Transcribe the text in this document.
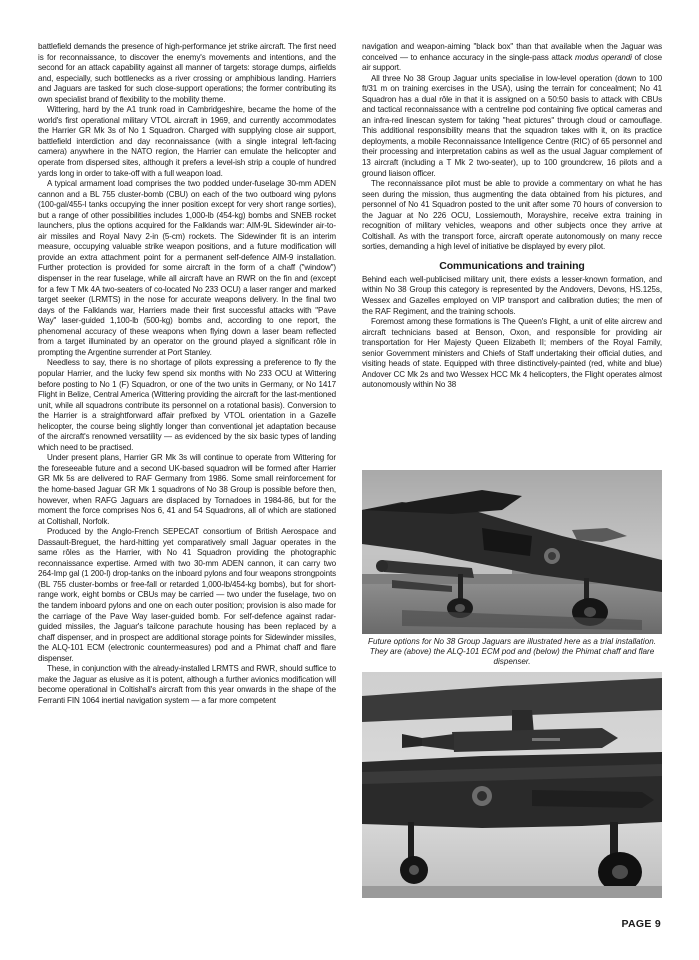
battlefield demands the presence of high-performance jet strike aircraft. The first need is for reconnaissance, to discover the enemy's movements and intentions, and the second for an attack capability against all manner of targets: storage dumps, airfields and, especially, such bottlenecks as a river crossing or amphibious landing. Harriers and Jaguars are tasked for such close-support operations; the former contributing its own specialist brand of flexibility to the mobility theme.

Wittering, hard by the A1 trunk road in Cambridgeshire, became the home of the world's first operational military VTOL aircraft in 1969, and currently accommodates the Harrier GR Mk 3s of No 1 Squadron. Charged with supplying close air support, battlefield interdiction and day reconnaissance (with a single integral left-facing camera) anywhere in the NATO region, the Harrier can emulate the helicopter and operate from dispersed sites, although it prefers a level-ish strip a couple of hundred yards long in order to take-off with a full weapon load.

A typical armament load comprises the two podded under-fuselage 30-mm ADEN cannon and a BL 755 cluster-bomb (CBU) on each of the two outboard wing pylons (100-gal/455-l tanks occupying the inner position except for very short range sorties), but a range of other possibilities includes 1,000-lb (454-kg) bombs and SNEB rocket launchers, plus the options acquired for the Falklands war: AIM-9L Sidewinder air-to-air missiles and Royal Navy 2-in (5-cm) rockets. The Sidewinder fit is an interim measure, occupying valuable strike weapon positions, and a future modification will provide an extra attachment point for a permanent self-defence AIM-9 installation. Further protection is provided for some aircraft in the form of a chaff ("window") dispenser in the rear fuselage, while all aircraft have an RWR on the fin and (except for a few T Mk 4A two-seaters of co-located No 233 OCU) a laser ranger and marked target seeker (LRMTS) in the nose for accurate weapons delivery. In the final two days of the Falklands war, Harriers made their first successful attacks with "Pave Way" laser-guided 1,100-lb (500-kg) bombs and, according to one report, the phenomenal accuracy of these weapons when flying down a laser beam reflected from a target illuminated by an operator on the ground played a significant rôle in prompting the Argentine surrender at Port Stanley.

Needless to say, there is no shortage of pilots expressing a preference to fly the popular Harrier, and the lucky few spend six months with No 233 OCU at Wittering before posting to No 1 (F) Squadron, or one of the two units in Germany, or No 1417 Flight in Belize, Central America (Wittering providing the aircraft for the last-mentioned unit, while all squadrons contribute its personnel on a rotational basis). Conversion to the Harrier is a straightforward affair prefixed by VTOL orientation in a Gazelle helicopter, the course being slightly longer than conventional jet adaptation because of the aircraft's renowned versatility — as evidenced by the six basic types of landing which need to be practised.

Under present plans, Harrier GR Mk 3s will continue to operate from Wittering for the foreseeable future and a second UK-based squadron will be formed after Harrier GR Mk 5s are delivered to RAF Germany from 1986. Some small reinforcement for the home-based Jaguar GR Mk 1 squadrons of No 38 Group is possible before then, however, when RAFG Jaguars are displaced by Tornadoes in 1984-86, but for the moment the force comprises Nos 6, 41 and 54 Squadrons, all of which are stationed at Coltishall, Norfolk.

Produced by the Anglo-French SEPECAT consortium of British Aerospace and Dassault-Breguet, the hard-hitting yet comparatively small Jaguar operates in the same rôles as the Harrier, with No 41 Squadron providing the photographic reconnaissance expertise. Armed with two 30-mm ADEN cannon, it can carry two 264-Imp gal (1 200-l) drop-tanks on the inboard pylons and four weapons strongpoints (BL 755 cluster-bombs or free-fall or retarded 1,000-lb/454-kg bombs), but for short-range work, eight bombs or CBUs may be carried — two under the fuselage, two on the tandem inboard pylons and one on each outer position; provision is also made for the carriage of the Pave Way laser-guided bomb. For self-defence against radar-guided missiles, the Jaguar's tailcone parachute housing has been replaced by a chaff dispenser, and in prospect are additional storage points for Sidewinder missiles, the ALQ-101 ECM (electronic countermeasures) pod and a Phimat chaff and flare dispenser.

These, in conjunction with the already-installed LRMTS and RWR, should suffice to make the Jaguar as elusive as it is potent, although a further avionics modification will become operational in Coltishall's aircraft from this year onwards in the shape of the Ferranti FIN 1064 inertial navigation system — a far more competent

navigation and weapon-aiming "black box" than that available when the Jaguar was conceived — to enhance accuracy in the single-pass attack modus operandi of close air support.

All three No 38 Group Jaguar units specialise in low-level operation (down to 100 ft/31 m on training exercises in the USA), using the terrain for concealment; No 41 Squadron has a dual rôle in that it is assigned on a 50:50 basis to attack with CBUs and tactical reconnaissance with a centreline pod containing five optical cameras and an infra-red linescan system for taking "heat pictures" through cloud or camouflage. This additional responsibility means that the squadron takes with it, on its practice deployments, a mobile Reconnaissance Intelligence Centre (RIC) of 65 personnel and their processing and interpretation cabins as well as the usual Jaguar complement of 13 aircraft (including a T Mk 2 two-seater), up to 100 groundcrew, 16 pilots and a ground liaison officer.

The reconnaissance pilot must be able to provide a commentary on what he has seen during the mission, thus augmenting the data obtained from his pictures, and personnel of No 41 Squadron posted to the unit after some 70 hours of conversion to the Jaguar at No 226 OCU, Lossiemouth, Morayshire, receive extra training in recognition of military vehicles, weapons and other subjects once they arrive at Coltishall. As with the transport force, aircraft operate autonomously on many recce sorties, demanding a high level of initiative be displayed by every pilot.

Communications and training

Behind each well-publicised military unit, there exists a lesser-known formation, and within No 38 Group this category is represented by the Andovers, Devons, HS.125s, Wessex and Gazelles employed on VIP transport and calibration duties; the men of the RAF Regiment, and the training schools.

Foremost among these formations is The Queen's Flight, a unit of elite aircrew and aircraft technicians based at Benson, Oxon, and responsible for providing air transportation for Her Majesty Queen Elizabeth II; members of the Royal Family, senior Government ministers and Chiefs of Staff undertaking their official duties, and visiting heads of state. Equipped with three distinctively-painted (red, white and blue) Andover CC Mk 2s and two Wessex HCC Mk 4 helicopters, the Flight operates almost autonomously within No 38

Future options for No 38 Group Jaguars are illustrated here as a trial installation. They are (above) the ALQ-101 ECM pod and (below) the Phimat chaff and flare dispenser.
PAGE 9
